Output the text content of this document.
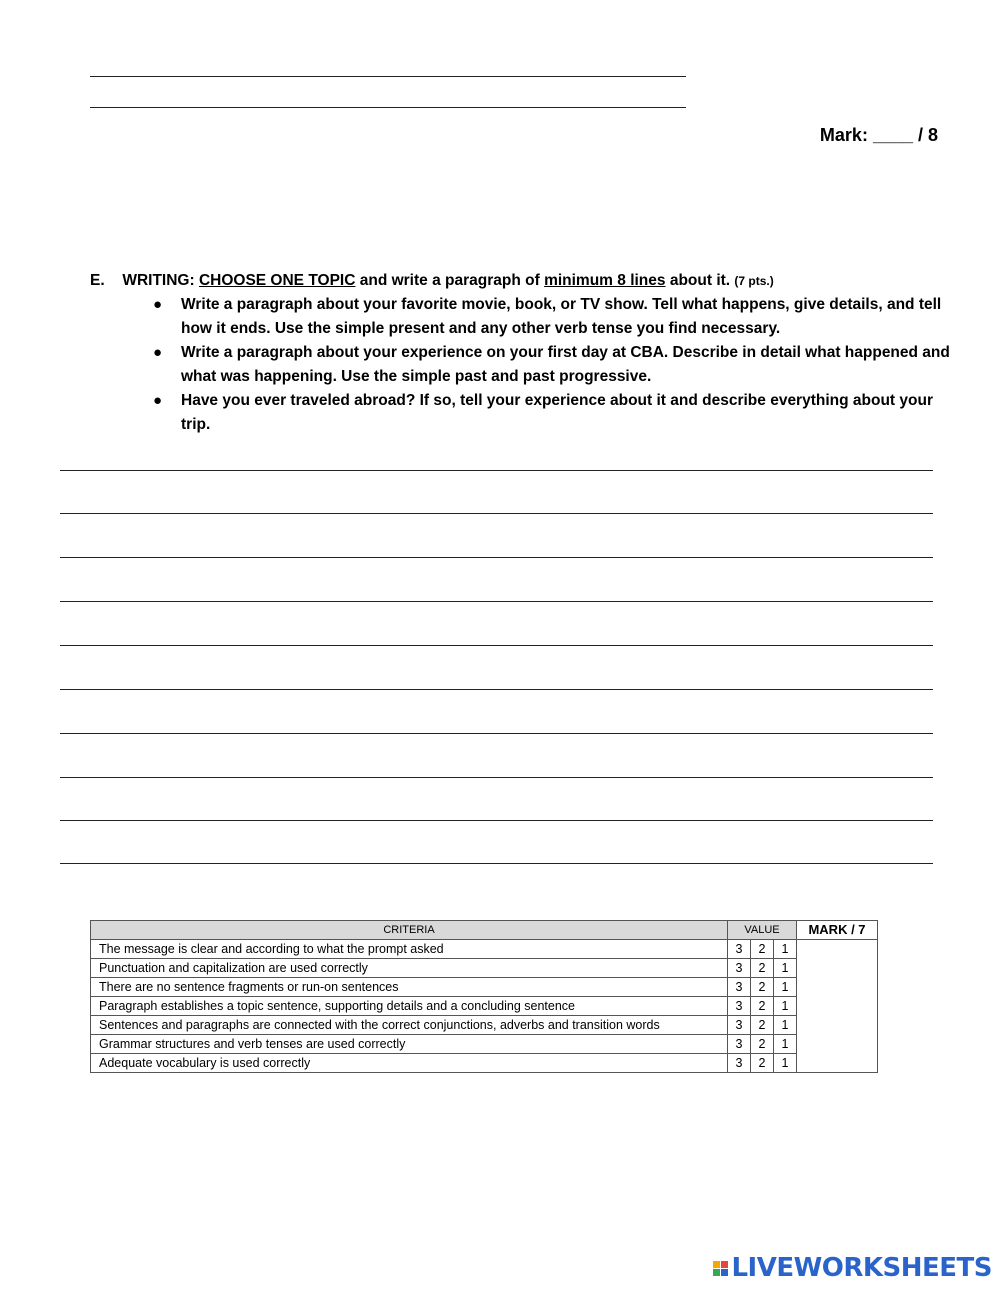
Mark: ____ / 8
E. WRITING: CHOOSE ONE TOPIC and write a paragraph of minimum 8 lines about it. (7 pts.)
● Write a paragraph about your favorite movie, book, or TV show. Tell what happens, give details, and tell how it ends. Use the simple present and any other verb tense you find necessary.
● Write a paragraph about your experience on your first day at CBA. Describe in detail what happened and what was happening. Use the simple past and past progressive.
● Have you ever traveled abroad? If so, tell your experience about it and describe everything about your trip.
CRITERIA	VALUE			MARK / 7
The message is clear and according to what the prompt asked	3	2	1	
Punctuation and capitalization are used correctly	3	2	1	
There are no sentence fragments or run-on sentences	3	2	1	
Paragraph establishes a topic sentence, supporting details and a concluding sentence	3	2	1	
Sentences and paragraphs are connected with the correct conjunctions, adverbs and transition words	3	2	1	
Grammar structures and verb tenses are used correctly	3	2	1	
Adequate vocabulary is used correctly	3	2	1	
LIVEWORKSHEETS
